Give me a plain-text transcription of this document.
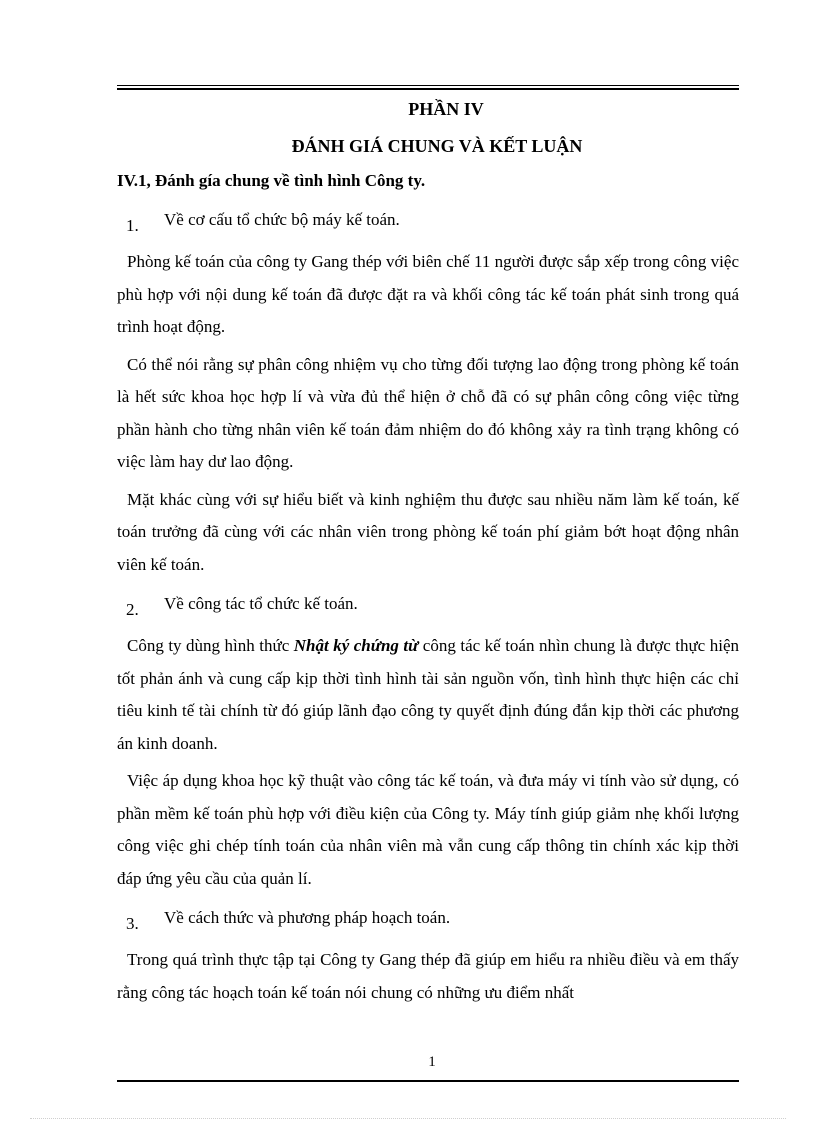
PHẦN IV
ĐÁNH GIÁ CHUNG VÀ KẾT LUẬN
IV.1, Đánh gía chung về tình hình Công ty.
1. Về cơ cấu tổ chức bộ máy kế toán.

Phòng kế toán của công ty Gang thép với biên chế 11 người được sắp xếp trong công việc phù hợp với nội dung kế toán đã được đặt ra và khối công tác kế toán phát sinh trong quá trình hoạt động.

Có thể nói rằng sự phân công nhiệm vụ cho từng đối tượng lao động trong phòng kế toán là hết sức khoa học hợp lí và vừa đủ thể hiện ở chỗ đã có sự phân công công việc từng phần hành cho từng nhân viên kế toán đảm nhiệm do đó không xảy ra tình trạng không có việc làm hay dư lao động.

Mặt khác cùng với sự hiểu biết và kinh nghiệm thu được sau nhiều năm làm kế toán, kế toán trưởng đã cùng với các nhân viên trong phòng kế toán phí giảm bớt hoạt động nhân viên kế toán.

2. Về công tác tổ chức kế toán.

Công ty dùng hình thức Nhật ký chứng từ công tác kế toán nhìn chung là được thực hiện tốt phản ánh và cung cấp kịp thời tình hình tài sản nguồn vốn, tình hình thực hiện các chỉ tiêu kinh tế tài chính từ đó giúp lãnh đạo công ty quyết định đúng đắn kịp thời các phương án kinh doanh.

Việc áp dụng khoa học kỹ thuật vào công tác kế toán, và đưa máy vi tính vào sử dụng, có phần mềm kế toán phù hợp với điều kiện của Công ty. Máy tính giúp giảm nhẹ khối lượng công việc ghi chép tính toán của nhân viên mà vẫn cung cấp thông tin chính xác kịp thời đáp ứng yêu cầu của quản lí.

3. Về cách thức và phương pháp hoạch toán.

Trong quá trình thực tập tại Công ty Gang thép đã giúp em hiểu ra nhiều điều và em thấy rằng công tác hoạch toán kế toán nói chung có những ưu điểm nhất

1
